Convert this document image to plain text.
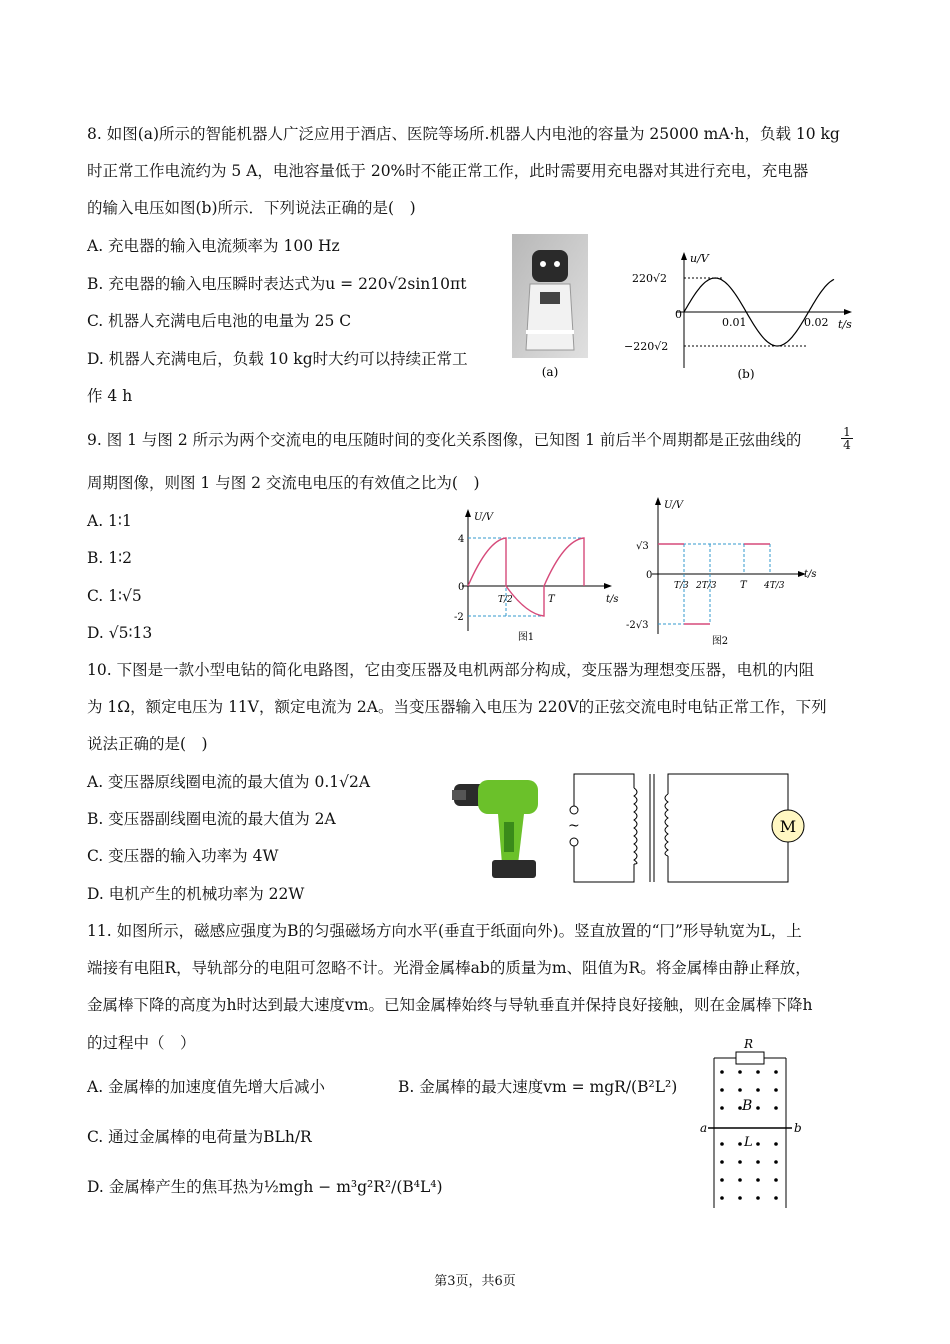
8. 如图(a)所示的智能机器人广泛应用于酒店、医院等场所.机器人内电池的容量为 25000 mA·h，负载 10 kg
时正常工作电流约为 5 A，电池容量低于 20%时不能正常工作，此时需要用充电器对其进行充电，充电器
的输入电压如图(b)所示．下列说法正确的是(　)
A. 充电器的输入电流频率为 100 Hz
B. 充电器的输入电压瞬时表达式为u = 220√2sin10πt
C. 机器人充满电后电池的电量为 25 C
D. 机器人充满电后，负载 10 kg时大约可以持续正常工
作 4 h
(a)
u/V
t/s
220√2
−220√2
0
0.01	0.02
(b)
9. 图 1 与图 2 所示为两个交流电的电压随时间的变化关系图像，已知图 1 前后半个周期都是正弦曲线的	$\frac{1}{4}$
周期图像，则图 1 与图 2 交流电电压的有效值之比为(　)
A. 1∶1
B. 1∶2
C. 1∶√5
D. √5∶13
U/V
t/s
4
0
-2
T/2	T
图1
U/V
t/s
√3
0
-2√3
T/3 2T/3 T 4T/3
图2
10. 下图是一款小型电钻的简化电路图，它由变压器及电机两部分构成，变压器为理想变压器，电机的内阻
为 1Ω，额定电压为 11V，额定电流为 2A。当变压器输入电压为 220V的正弦交流电时电钻正常工作，下列
说法正确的是(　)
A. 变压器原线圈电流的最大值为 0.1√2A
B. 变压器副线圈电流的最大值为 2A
C. 变压器的输入功率为 4W
D. 电机产生的机械功率为 22W
~	M
11. 如图所示，磁感应强度为B的匀强磁场方向水平(垂直于纸面向外)。竖直放置的“冂”形导轨宽为L，上
端接有电阻R，导轨部分的电阻可忽略不计。光滑金属棒ab的质量为m、阻值为R。将金属棒由静止释放，
金属棒下降的高度为h时达到最大速度vm。已知金属棒始终与导轨垂直并保持良好接触，则在金属棒下降h
的过程中（　）
A. 金属棒的加速度值先增大后减小	B. 金属棒的最大速度vm = mgR/(B²L²)
C. 通过金属棒的电荷量为BLh/R
D. 金属棒产生的焦耳热为½mgh − m³g²R²/(B⁴L⁴)
R
a	b
B
L
第3页，共6页
